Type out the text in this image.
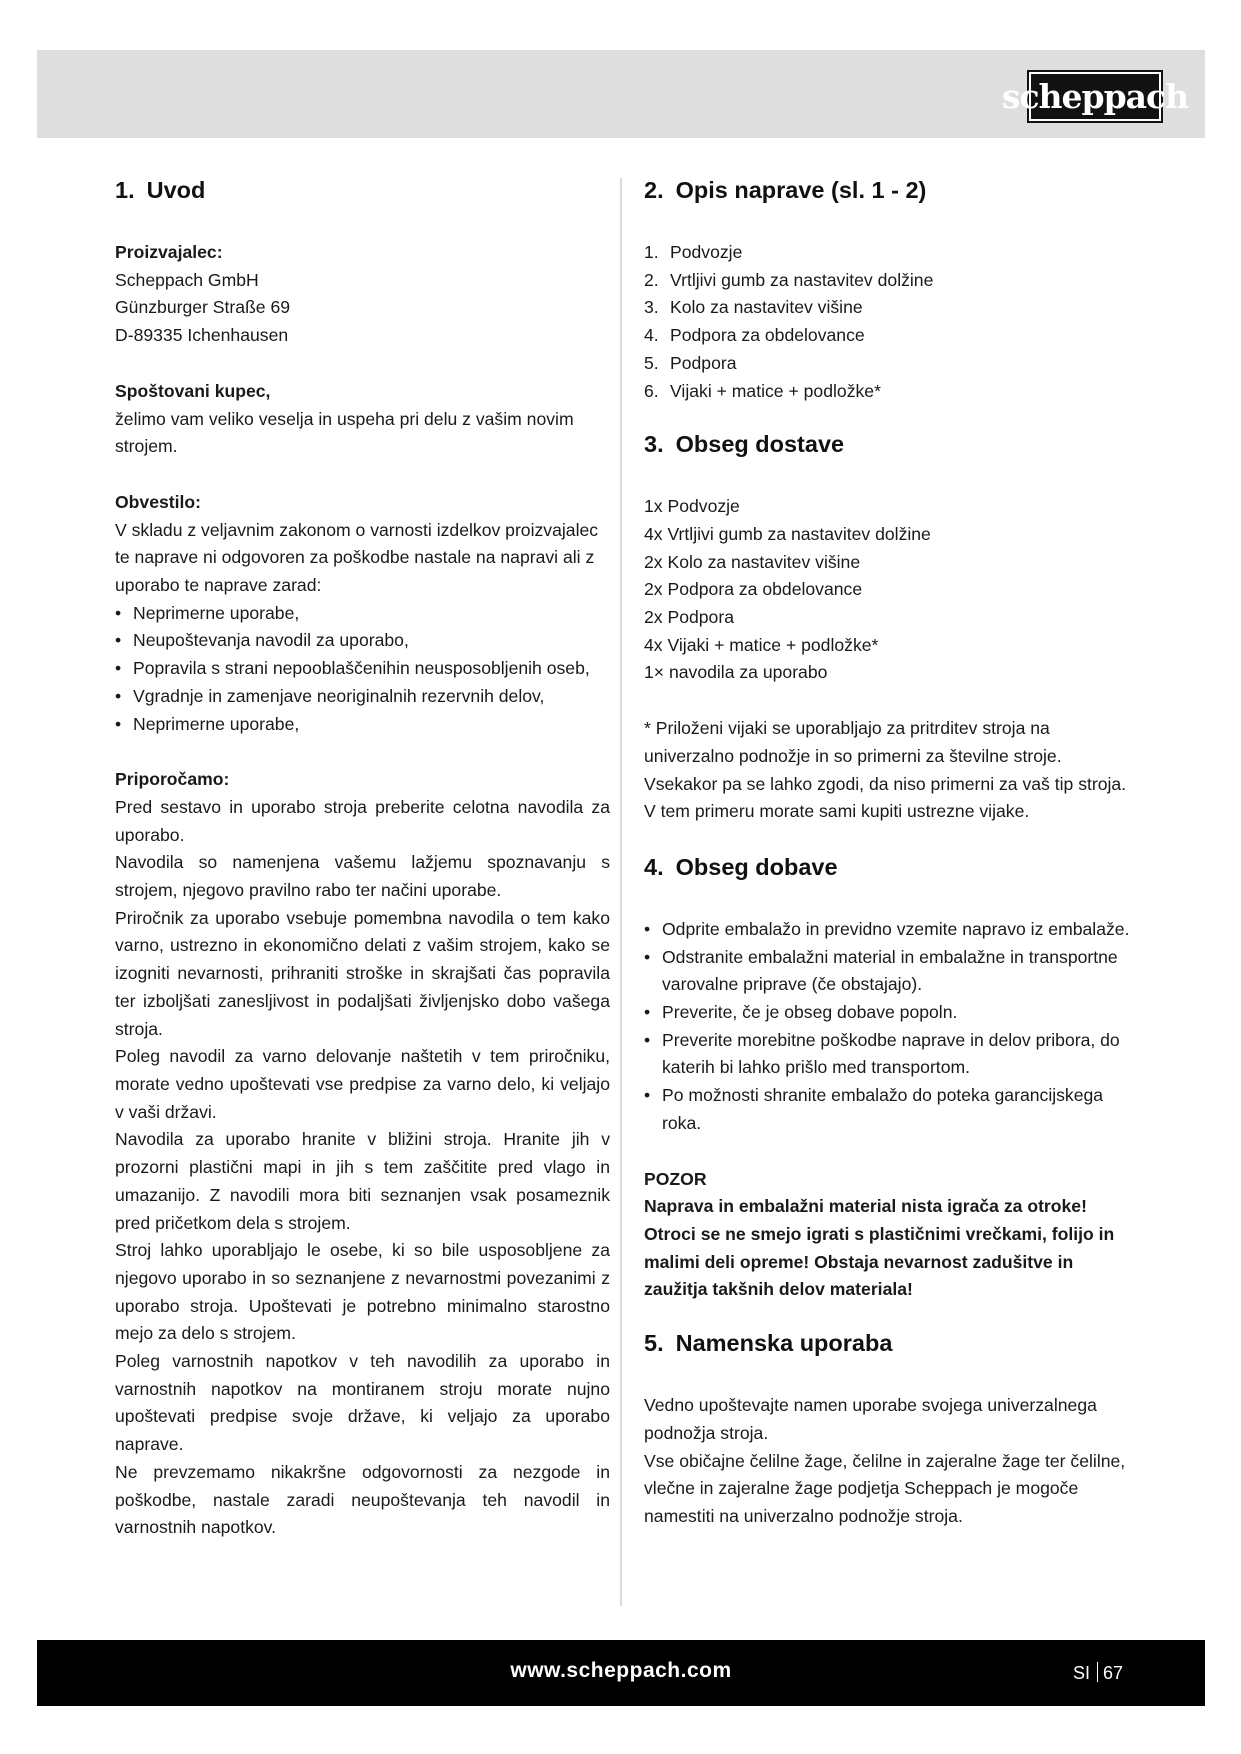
scheppach
1. Uvod

Proizvajalec:

Scheppach GmbH

Günzburger Straße 69

D-89335 Ichenhausen

Spoštovani kupec,

želimo vam veliko veselja in uspeha pri delu z vašim novim strojem.

Obvestilo:

V skladu z veljavnim zakonom o varnosti izdelkov proizvajalec te naprave ni odgovoren za poškodbe nastale na napravi ali z uporabo te naprave zarad:

• Neprimerne uporabe,
• Neupoštevanja navodil za uporabo,
• Popravila s strani nepooblaščenihin neusposobljenih oseb,
• Vgradnje in zamenjave neoriginalnih rezervnih delov,
• Neprimerne uporabe,

Priporočamo:

Pred sestavo in uporabo stroja preberite celotna navodila za uporabo.

Navodila so namenjena vašemu lažjemu spoznavanju s strojem, njegovo pravilno rabo ter načini uporabe.

Priročnik za uporabo vsebuje pomembna navodila o tem kako varno, ustrezno in ekonomično delati z vašim strojem, kako se izogniti nevarnosti, prihraniti stroške in skrajšati čas popravila ter izboljšati zanesljivost in podaljšati življenjsko dobo vašega stroja.

Poleg navodil za varno delovanje naštetih v tem priročniku, morate vedno upoštevati vse predpise za varno delo, ki veljajo v vaši državi.

Navodila za uporabo hranite v bližini stroja. Hranite jih v prozorni plastični mapi in jih s tem zaščitite pred vlago in umazanijo. Z navodili mora biti seznanjen vsak posameznik pred pričetkom dela s strojem.

Stroj lahko uporabljajo le osebe, ki so bile usposobljene za njegovo uporabo in so seznanjene z nevarnostmi povezanimi z uporabo stroja. Upoštevati je potrebno minimalno starostno mejo za delo s strojem.

Poleg varnostnih napotkov v teh navodilih za uporabo in varnostnih napotkov na montiranem stroju morate nujno upoštevati predpise svoje države, ki veljajo za uporabo naprave.

Ne prevzemamo nikakršne odgovornosti za nezgode in poškodbe, nastale zaradi neupoštevanja teh navodil in varnostnih napotkov.

2. Opis naprave (sl. 1 - 2)
1. Podvozje
2. Vrtljivi gumb za nastavitev dolžine
3. Kolo za nastavitev višine
4. Podpora za obdelovance
5. Podpora
6. Vijaki + matice + podložke*
3. Obseg dostave

1x Podvozje

4x Vrtljivi gumb za nastavitev dolžine

2x Kolo za nastavitev višine

2x Podpora za obdelovance

2x Podpora

4x Vijaki + matice + podložke*

1× navodila za uporabo

* Priloženi vijaki se uporabljajo za pritrditev stroja na univerzalno podnožje in so primerni za številne stroje. Vsekakor pa se lahko zgodi, da niso primerni za vaš tip stroja. V tem primeru morate sami kupiti ustrezne vijake.

4. Obseg dobave
• Odprite embalažo in previdno vzemite napravo iz embalaže.
• Odstranite embalažni material in embalažne in transportne varovalne priprave (če obstajajo).
• Preverite, če je obseg dobave popoln.
• Preverite morebitne poškodbe naprave in delov pribora, do katerih bi lahko prišlo med transportom.
• Po možnosti shranite embalažo do poteka garancijskega roka.

POZOR

Naprava in embalažni material nista igrača za otroke! Otroci se ne smejo igrati s plastičnimi vrečkami, folijo in malimi deli opreme! Obstaja nevarnost zadušitve in zaužitja takšnih delov materiala!

5. Namenska uporaba

Vedno upoštevajte namen uporabe svojega univerzalnega podnožja stroja.

Vse običajne čelilne žage, čelilne in zajeralne žage ter čelilne, vlečne in zajeralne žage podjetja Scheppach je mogoče namestiti na univerzalno podnožje stroja.

www.scheppach.com	SI 67
